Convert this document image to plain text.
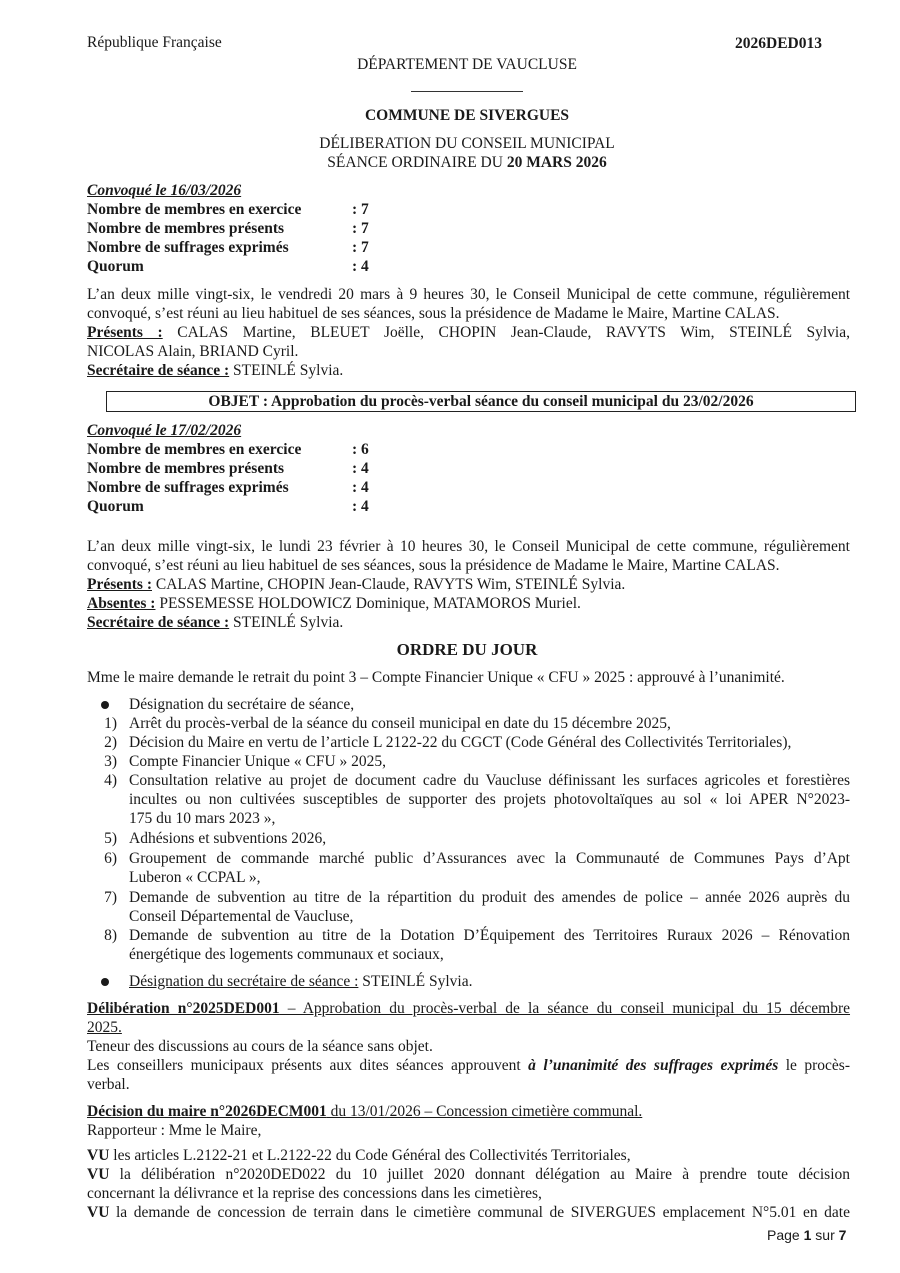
République Française	2026DED013
DÉPARTEMENT DE VAUCLUSE
COMMUNE DE SIVERGUES
DÉLIBERATION DU CONSEIL MUNICIPAL
SÉANCE ORDINAIRE DU 20 MARS 2026
Convoqué le 16/03/2026
Nombre de membres en exercice	: 7
Nombre de membres présents	: 7
Nombre de suffrages exprimés	: 7
Quorum	: 4
L’an deux mille vingt-six, le vendredi 20 mars à 9 heures 30, le Conseil Municipal de cette commune, régulièrement
convoqué, s’est réuni au lieu habituel de ses séances, sous la présidence de Madame le Maire, Martine CALAS.
Présents : CALAS Martine, BLEUET Joëlle, CHOPIN Jean-Claude, RAVYTS Wim, STEINLÉ Sylvia,
NICOLAS Alain, BRIAND Cyril.
Secrétaire de séance : STEINLÉ Sylvia.
OBJET : Approbation du procès-verbal séance du conseil municipal du 23/02/2026
Convoqué le 17/02/2026
Nombre de membres en exercice	: 6
Nombre de membres présents	: 4
Nombre de suffrages exprimés	: 4
Quorum	: 4
L’an deux mille vingt-six, le lundi 23 février à 10 heures 30, le Conseil Municipal de cette commune, régulièrement
convoqué, s’est réuni au lieu habituel de ses séances, sous la présidence de Madame le Maire, Martine CALAS.
Présents : CALAS Martine, CHOPIN Jean-Claude, RAVYTS Wim, STEINLÉ Sylvia.
Absentes : PESSEMESSE HOLDOWICZ Dominique, MATAMOROS Muriel.
Secrétaire de séance : STEINLÉ Sylvia.
ORDRE DU JOUR
Mme le maire demande le retrait du point 3 – Compte Financier Unique « CFU » 2025 : approuvé à l’unanimité.
Désignation du secrétaire de séance,
1) Arrêt du procès-verbal de la séance du conseil municipal en date du 15 décembre 2025,
2) Décision du Maire en vertu de l’article L 2122-22 du CGCT (Code Général des Collectivités Territoriales),
3) Compte Financier Unique « CFU » 2025,
4) Consultation relative au projet de document cadre du Vaucluse définissant les surfaces agricoles et forestières
incultes ou non cultivées susceptibles de supporter des projets photovoltaïques au sol « loi APER N°2023-
175 du 10 mars 2023 »,
5) Adhésions et subventions 2026,
6) Groupement de commande marché public d’Assurances avec la Communauté de Communes Pays d’Apt
Luberon « CCPAL »,
7) Demande de subvention au titre de la répartition du produit des amendes de police – année 2026 auprès du
Conseil Départemental de Vaucluse,
8) Demande de subvention au titre de la Dotation D’Équipement des Territoires Ruraux 2026 – Rénovation
énergétique des logements communaux et sociaux,
Désignation du secrétaire de séance : STEINLÉ Sylvia.
Délibération n°2025DED001 – Approbation du procès-verbal de la séance du conseil municipal du 15 décembre
2025.
Teneur des discussions au cours de la séance sans objet.
Les conseillers municipaux présents aux dites séances approuvent à l’unanimité des suffrages exprimés le procès-
verbal.
Décision du maire n°2026DECM001 du 13/01/2026 – Concession cimetière communal.
Rapporteur : Mme le Maire,
VU les articles L.2122-21 et L.2122-22 du Code Général des Collectivités Territoriales,
VU la délibération n°2020DED022 du 10 juillet 2020 donnant délégation au Maire à prendre toute décision
concernant la délivrance et la reprise des concessions dans les cimetières,
VU la demande de concession de terrain dans le cimetière communal de SIVERGUES emplacement N°5.01 en date
Page 1 sur 7
